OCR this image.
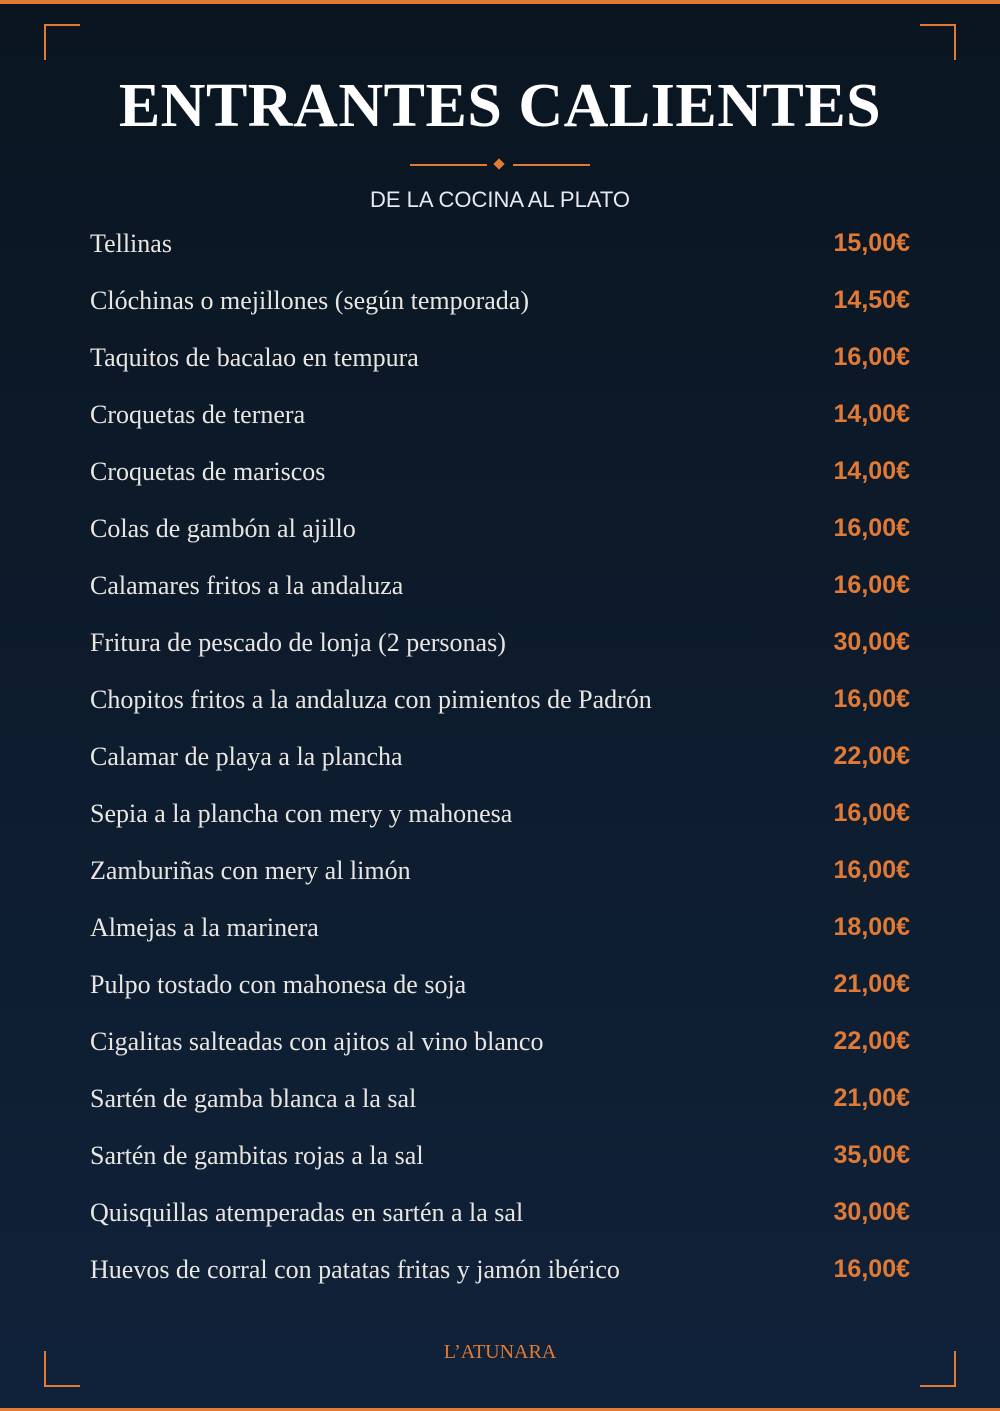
ENTRANTES CALIENTES
DE LA COCINA AL PLATO
Tellinas	15,00€
Clóchinas o mejillones (según temporada)	14,50€
Taquitos de bacalao en tempura	16,00€
Croquetas de ternera	14,00€
Croquetas de mariscos	14,00€
Colas de gambón al ajillo	16,00€
Calamares fritos a la andaluza	16,00€
Fritura de pescado de lonja (2 personas)	30,00€
Chopitos fritos a la andaluza con pimientos de Padrón	16,00€
Calamar de playa a la plancha	22,00€
Sepia a la plancha con mery y mahonesa	16,00€
Zamburiñas con mery al limón	16,00€
Almejas a la marinera	18,00€
Pulpo tostado con mahonesa de soja	21,00€
Cigalitas salteadas con ajitos al vino blanco	22,00€
Sartén de gamba blanca a la sal	21,00€
Sartén de gambitas rojas a la sal	35,00€
Quisquillas atemperadas en sartén a la sal	30,00€
Huevos de corral con patatas fritas y jamón ibérico	16,00€
L’ATUNARA
